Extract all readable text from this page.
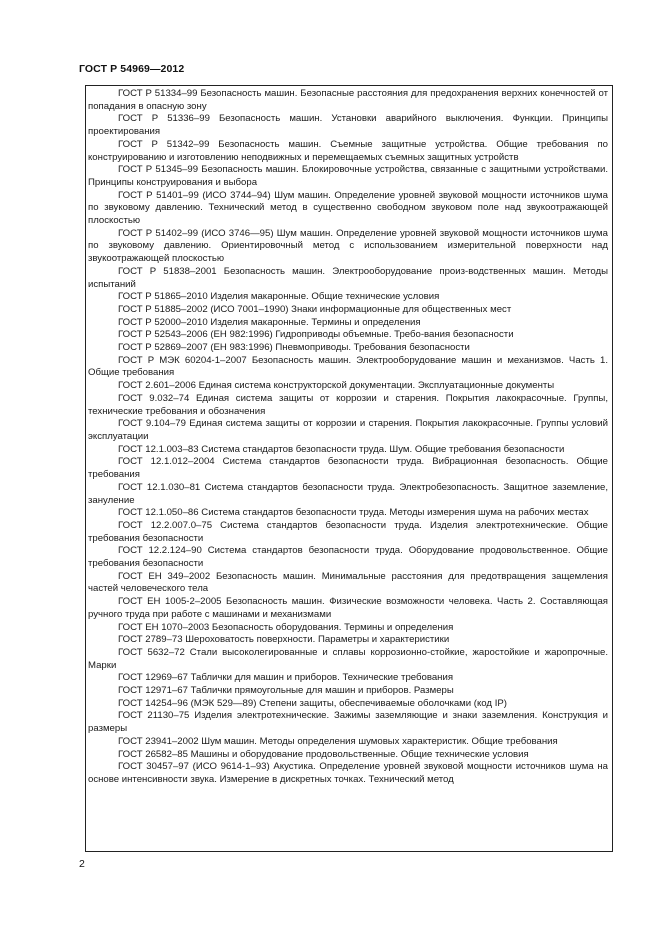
ГОСТ Р 54969—2012

ГОСТ Р 51334–99 Безопасность машин. Безопасные расстояния для предохранения верхних конечностей от попадания в опасную зону

ГОСТ Р 51336–99 Безопасность машин. Установки аварийного выключения. Функции. Принципы проектирования

ГОСТ Р 51342–99 Безопасность машин. Съемные защитные устройства. Общие требования по конструированию и изготовлению неподвижных и перемещаемых съемных защитных устройств

ГОСТ Р 51345–99 Безопасность машин. Блокировочные устройства, связанные с защитными устройствами. Принципы конструирования и выбора

ГОСТ Р 51401–99 (ИСО 3744–94) Шум машин. Определение уровней звуковой мощности источников шума по звуковому давлению. Технический метод в существенно свободном звуковом поле над звукоотражающей плоскостью

ГОСТ Р 51402–99 (ИСО 3746—95) Шум машин. Определение уровней звуковой мощности источников шума по звуковому давлению. Ориентировочный метод с использованием измерительной поверхности над звукоотражающей плоскостью

ГОСТ Р 51838–2001 Безопасность машин. Электрооборудование произ-водственных машин. Методы испытаний

ГОСТ Р 51865–2010 Изделия макаронные. Общие технические условия

ГОСТ Р 51885–2002 (ИСО 7001–1990) Знаки информационные для общественных мест

ГОСТ Р 52000–2010 Изделия макаронные. Термины и определения

ГОСТ Р 52543–2006 (ЕН 982:1996) Гидроприводы объемные. Требо-вания безопасности

ГОСТ Р 52869–2007 (ЕН 983:1996) Пневмоприводы. Требования безопасности

ГОСТ Р МЭК 60204-1–2007 Безопасность машин. Электрооборудование машин и механизмов. Часть 1. Общие требования

ГОСТ 2.601–2006 Единая система конструкторской документации. Эксплуатационные документы

ГОСТ 9.032–74 Единая система защиты от коррозии и старения. Покрытия лакокрасочные. Группы, технические требования и обозначения

ГОСТ 9.104–79 Единая система защиты от коррозии и старения. Покрытия лакокрасочные. Группы условий эксплуатации

ГОСТ 12.1.003–83 Система стандартов безопасности труда. Шум. Общие требования безопасности

ГОСТ 12.1.012–2004 Система стандартов безопасности труда. Вибрационная безопасность. Общие требования

ГОСТ 12.1.030–81 Система стандартов безопасности труда. Электробезопасность. Защитное заземление, зануление

ГОСТ 12.1.050–86 Система стандартов безопасности труда. Методы измерения шума на рабочих местах

ГОСТ 12.2.007.0–75 Система стандартов безопасности труда. Изделия электротехнические. Общие требования безопасности

ГОСТ 12.2.124–90 Система стандартов безопасности труда. Оборудование продовольственное. Общие требования безопасности

ГОСТ ЕН 349–2002 Безопасность машин. Минимальные расстояния для предотвращения защемления частей человеческого тела

ГОСТ ЕН 1005-2–2005 Безопасность машин. Физические возможности человека. Часть 2. Составляющая ручного труда при работе с машинами и механизмами

ГОСТ ЕН 1070–2003 Безопасность оборудования. Термины и определения

ГОСТ 2789–73 Шероховатость поверхности. Параметры и характеристики

ГОСТ 5632–72 Стали высоколегированные и сплавы коррозионно-стойкие, жаростойкие и жаропрочные. Марки

ГОСТ 12969–67 Таблички для машин и приборов. Технические требования

ГОСТ 12971–67 Таблички прямоугольные для машин и приборов. Размеры

ГОСТ 14254–96 (МЭК 529—89) Степени защиты, обеспечиваемые оболочками (код IP)

ГОСТ 21130–75 Изделия электротехнические. Зажимы заземляющие и знаки заземления. Конструкция и размеры

ГОСТ 23941–2002 Шум машин. Методы определения шумовых характеристик. Общие требования

ГОСТ 26582–85 Машины и оборудование продовольственные. Общие технические условия

ГОСТ 30457–97 (ИСО 9614-1–93) Акустика. Определение уровней звуковой мощности источников шума на основе интенсивности звука. Измерение в дискретных точках. Технический метод

2
